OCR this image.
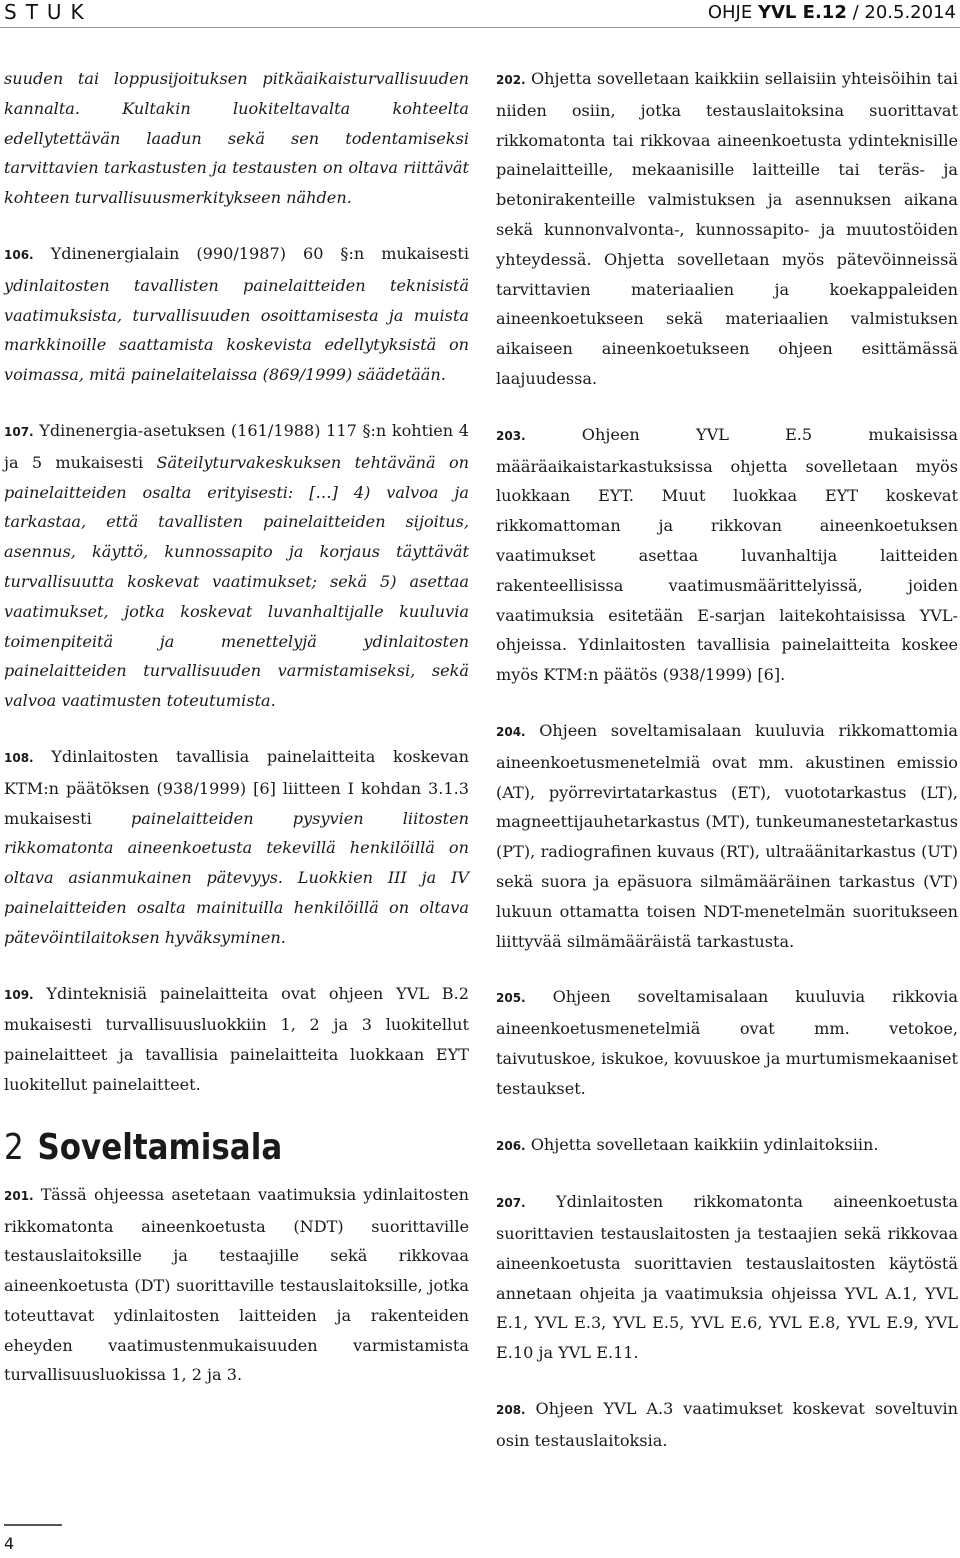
STUK	OHJE YVL E.12 / 20.5.2014

suuden tai loppusijoituksen pitkäaikaisturvallisuuden kannalta. Kultakin luokiteltavalta kohteelta edellytettävän laadun sekä sen todentamiseksi tarvittavien tarkastusten ja testausten on oltava riittävät kohteen turvallisuusmerkitykseen nähden.

106. Ydinenergialain (990/1987) 60 §:n mukaisesti ydinlaitosten tavallisten painelaitteiden teknisistä vaatimuksista, turvallisuuden osoittamisesta ja muista markkinoille saattamista koskevista edellytyksistä on voimassa, mitä painelaitelaissa (869/1999) säädetään.

107. Ydinenergia-asetuksen (161/1988) 117 §:n kohtien 4 ja 5 mukaisesti Säteilyturvakeskuksen tehtävänä on painelaitteiden osalta erityisesti: […] 4) valvoa ja tarkastaa, että tavallisten painelaitteiden sijoitus, asennus, käyttö, kunnossapito ja korjaus täyttävät turvallisuutta koskevat vaatimukset; sekä 5) asettaa vaatimukset, jotka koskevat luvanhaltijalle kuuluvia toimenpiteitä ja menettelyjä ydinlaitosten painelaitteiden turvallisuuden varmistamiseksi, sekä valvoa vaatimusten toteutumista.

108. Ydinlaitosten tavallisia painelaitteita koskevan KTM:n päätöksen (938/1999) [6] liitteen I kohdan 3.1.3 mukaisesti painelaitteiden pysyvien liitosten rikkomatonta aineenkoetusta tekevillä henkilöillä on oltava asianmukainen pätevyys. Luokkien III ja IV painelaitteiden osalta mainituilla henkilöillä on oltava pätevöintilaitoksen hyväksyminen.

109. Ydinteknisiä painelaitteita ovat ohjeen YVL B.2 mukaisesti turvallisuusluokkiin 1, 2 ja 3 luokitellut painelaitteet ja tavallisia painelaitteita luokkaan EYT luokitellut painelaitteet.

2 Soveltamisala

201. Tässä ohjeessa asetetaan vaatimuksia ydinlaitosten rikkomatonta aineenkoetusta (NDT) suorittaville testauslaitoksille ja testaajille sekä rikkovaa aineenkoetusta (DT) suorittaville testauslaitoksille, jotka toteuttavat ydinlaitosten laitteiden ja rakenteiden eheyden vaatimustenmukaisuuden varmistamista turvallisuusluokissa 1, 2 ja 3.

202. Ohjetta sovelletaan kaikkiin sellaisiin yhteisöihin tai niiden osiin, jotka testauslaitoksina suorittavat rikkomatonta tai rikkovaa aineenkoetusta ydinteknisille painelaitteille, mekaanisille laitteille tai teräs- ja betonirakenteille valmistuksen ja asennuksen aikana sekä kunnonvalvonta-, kunnossapito- ja muutostöiden yhteydessä. Ohjetta sovelletaan myös pätevöinneissä tarvittavien materiaalien ja koekappaleiden aineenkoetukseen sekä materiaalien valmistuksen aikaiseen aineenkoetukseen ohjeen esittämässä laajuudessa.

203. Ohjeen YVL E.5 mukaisissa määräaikaistarkastuksissa ohjetta sovelletaan myös luokkaan EYT. Muut luokkaa EYT koskevat rikkomattoman ja rikkovan aineenkoetuksen vaatimukset asettaa luvanhaltija laitteiden rakenteellisissa vaatimusmäärittelyissä, joiden vaatimuksia esitetään E-sarjan laitekohtaisissa YVL-ohjeissa. Ydinlaitosten tavallisia painelaitteita koskee myös KTM:n päätös (938/1999) [6].

204. Ohjeen soveltamisalaan kuuluvia rikkomattomia aineenkoetusmenetelmiä ovat mm. akustinen emissio (AT), pyörrevirtatarkastus (ET), vuototarkastus (LT), magneettijauhetarkastus (MT), tunkeumanestetarkastus (PT), radiografinen kuvaus (RT), ultraäänitarkastus (UT) sekä suora ja epäsuora silmämääräinen tarkastus (VT) lukuun ottamatta toisen NDT-menetelmän suoritukseen liittyvää silmämääräistä tarkastusta.

205. Ohjeen soveltamisalaan kuuluvia rikkovia aineenkoetusmenetelmiä ovat mm. vetokoe, taivutuskoe, iskukoe, kovuuskoe ja murtumismekaaniset testaukset.

206. Ohjetta sovelletaan kaikkiin ydinlaitoksiin.

207. Ydinlaitosten rikkomatonta aineenkoetusta suorittavien testauslaitosten ja testaajien sekä rikkovaa aineenkoetusta suorittavien testauslaitosten käytöstä annetaan ohjeita ja vaatimuksia ohjeissa YVL A.1, YVL E.1, YVL E.3, YVL E.5, YVL E.6, YVL E.8, YVL E.9, YVL E.10 ja YVL E.11.

208. Ohjeen YVL A.3 vaatimukset koskevat soveltuvin osin testauslaitoksia.

4
